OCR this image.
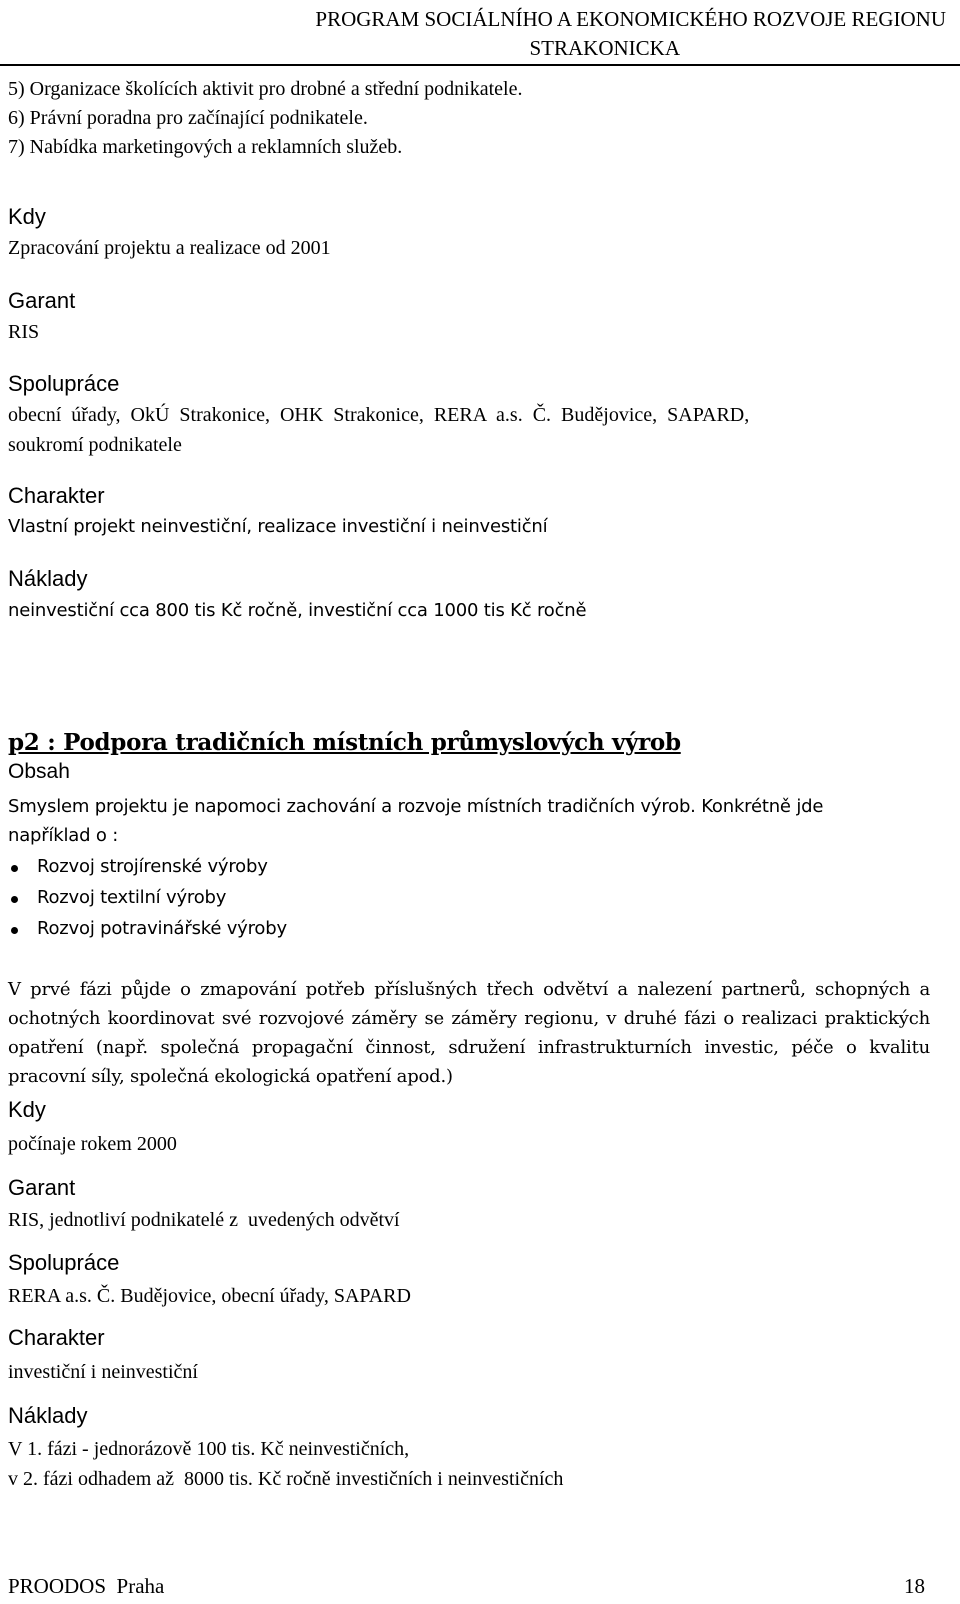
PROGRAM SOCIÁLNÍHO A EKONOMICKÉHO ROZVOJE REGIONU
STRAKONICKA
5) Organizace školících aktivit pro drobné a střední podnikatele.
6) Právní poradna pro začínající podnikatele.
7) Nabídka marketingových a reklamních služeb.
Kdy
Zpracování projektu a realizace od 2001
Garant
RIS
Spolupráce
obecní  úřady,  OkÚ  Strakonice,  OHK  Strakonice,  RERA  a.s.  Č.  Budějovice,  SAPARD,
soukromí podnikatele
Charakter
Vlastní projekt neinvestiční, realizace investiční i neinvestiční
Náklady
neinvestiční cca 800 tis Kč ročně, investiční cca 1000 tis Kč ročně
p2 : Podpora tradičních místních průmyslových výrob
Obsah
Smyslem projektu je napomoci zachování a rozvoje místních tradičních výrob. Konkrétně jde
například o :
Rozvoj strojírenské výroby
Rozvoj textilní výroby
Rozvoj potravinářské výroby
V prvé fázi půjde o zmapování potřeb příslušných třech odvětví a nalezení partnerů, schopných a ochotných koordinovat své rozvojové záměry se záměry regionu, v druhé fázi o realizaci praktických opatření (např. společná propagační činnost, sdružení infrastrukturních investic, péče o kvalitu pracovní síly, společná ekologická opatření apod.)
Kdy
počínaje rokem 2000
Garant
RIS, jednotliví podnikatelé z  uvedených odvětví
Spolupráce
RERA a.s. Č. Budějovice, obecní úřady, SAPARD
Charakter
investiční i neinvestiční
Náklady
V 1. fázi - jednorázově 100 tis. Kč neinvestičních,
v 2. fázi odhadem až  8000 tis. Kč ročně investičních i neinvestičních
PROODOS  Praha	18
